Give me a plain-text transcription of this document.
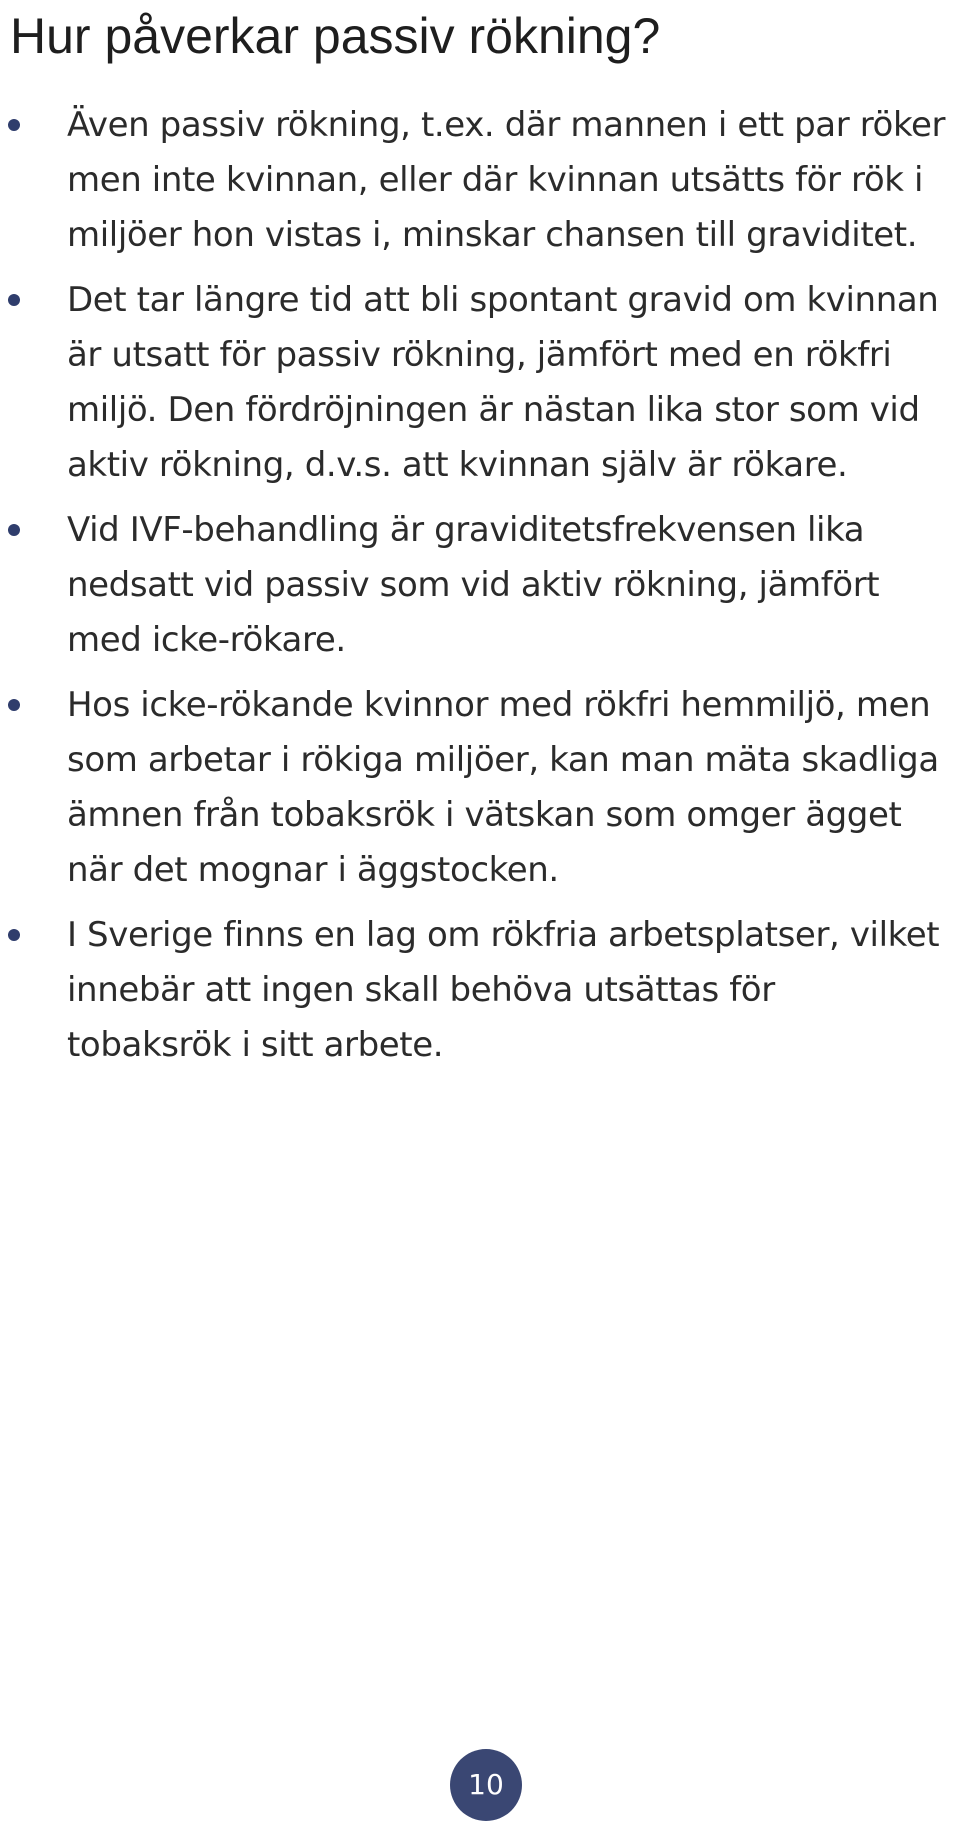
Hur påverkar passiv rökning?
Även passiv rökning, t.ex. där mannen i ett par röker men inte kvinnan, eller där kvinnan utsätts för rök i miljöer hon vistas i, minskar chansen till graviditet.
Det tar längre tid att bli spontant gravid om kvinnan är utsatt för passiv rökning, jämfört med en rökfri miljö. Den fördröjningen är nästan lika stor som vid aktiv rökning, d.v.s. att kvinnan själv är rökare.
Vid IVF-behandling är graviditetsfrekvensen lika nedsatt vid passiv som vid aktiv rökning, jämfört med icke-rökare.
Hos icke-rökande kvinnor med rökfri hemmiljö, men som arbetar i rökiga miljöer, kan man mäta skadliga ämnen från tobaksrök i vätskan som omger ägget när det mognar i äggstocken.
I Sverige finns en lag om rökfria arbetsplatser, vilket innebär att ingen skall behöva utsättas för tobaksrök i sitt arbete.
10
